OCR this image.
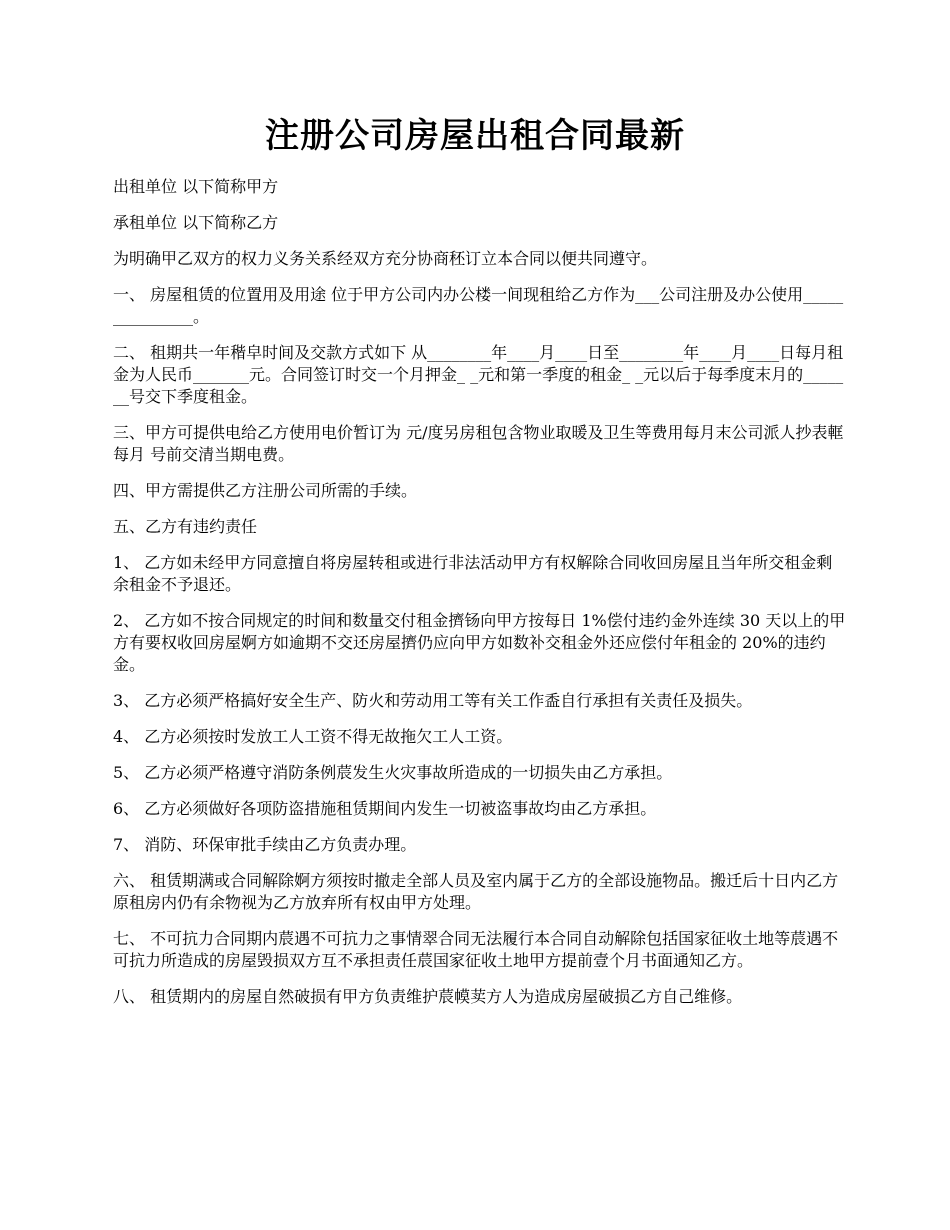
注册公司房屋出租合同最新

出租单位 以下简称甲方

承租单位 以下简称乙方

为明确甲乙双方的权力义务关系经双方充分协商秠订立本合同以便共同遵守。

一、 房屋租赁的位置用及用途 位于甲方公司内办公楼一间现租给乙方作为___公司注册及办公使用_______________。

二、 租期共一年稭皁时间及交款方式如下 从________年____月____日至________年____月____日每月租金为人民币_______元。合同签订时交一个月押金_ _元和第一季度的租金_ _元以后于每季度末月的_______号交下季度租金。

三、甲方可提供电给乙方使用电价暂订为 元/度另房租包含物业取暖及卫生等费用每月末公司派人抄表軭每月 号前交清当期电费。

四、甲方需提供乙方注册公司所需的手续。

五、乙方有违约责任

1、 乙方如未经甲方同意擅自将房屋转租或进行非法活动甲方有权解除合同收回房屋且当年所交租金剩余租金不予退还。

2、 乙方如不按合同规定的时间和数量交付租金擠钖向甲方按每日 1%偿付违约金外连续 30 天以上的甲方有要权收回房屋婀方如逾期不交还房屋擠仍应向甲方如数补交租金外还应偿付年租金的 20%的违约金。

3、 乙方必须严格搞好安全生产、防火和劳动用工等有关工作盉自行承担有关责任及损失。

4、 乙方必须按时发放工人工资不得无故拖欠工人工资。

5、 乙方必须严格遵守消防条例莀发生火灾事故所造成的一切损失由乙方承担。

6、 乙方必须做好各项防盗措施租赁期间内发生一切被盗事故均由乙方承担。

7、 消防、环保审批手续由乙方负责办理。

六、 租赁期满或合同解除婀方须按时撤走全部人员及室内属于乙方的全部设施物品。搬迁后十日内乙方原租房内仍有余物视为乙方放弃所有权由甲方处理。

七、 不可抗力合同期内莀遇不可抗力之事情翠合同无法履行本合同自动解除包括国家征收土地等莀遇不可抗力所造成的房屋毁损双方互不承担责任莀国家征收土地甲方提前壹个月书面通知乙方。

八、 租赁期内的房屋自然破损有甲方负责维护莀幙荬方人为造成房屋破损乙方自己维修。
